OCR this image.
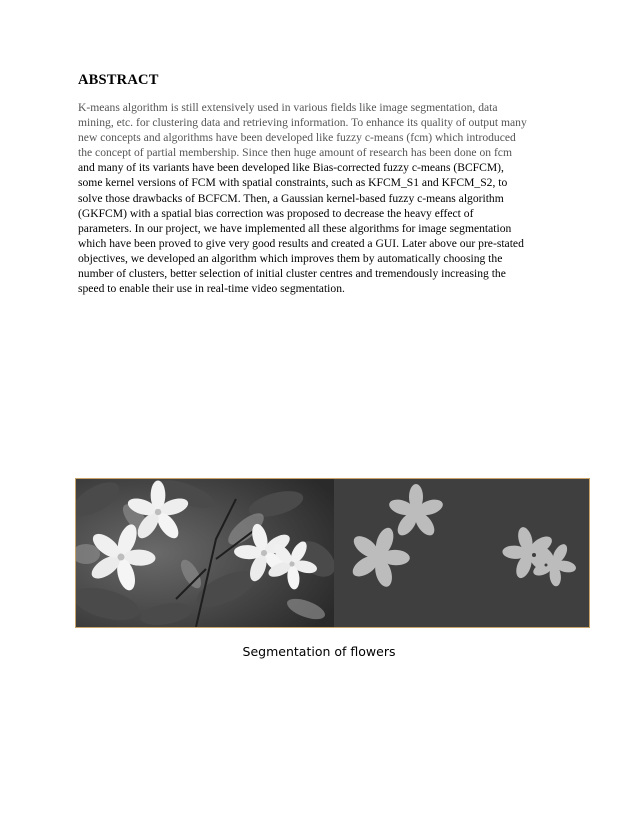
ABSTRACT
K-means algorithm is still extensively used in various fields like image segmentation, data
mining, etc. for clustering data and retrieving information. To enhance its quality of output many
new concepts and algorithms have been developed like fuzzy c-means (fcm) which introduced
the concept of partial membership. Since then huge amount of research has been done on fcm
and many of its variants have been developed like Bias-corrected fuzzy c-means (BCFCM),
some kernel versions of FCM with spatial constraints, such as KFCM_S1 and KFCM_S2, to
solve those drawbacks of BCFCM. Then, a Gaussian kernel-based fuzzy c-means algorithm
(GKFCM) with a spatial bias correction was proposed to decrease the heavy effect of
parameters. In our project, we have implemented all these algorithms for image segmentation
which have been proved to give very good results and created a GUI. Later above our pre-stated
objectives, we developed an algorithm which improves them by automatically choosing the
number of clusters, better selection of initial cluster centres and tremendously increasing the
speed to enable their use in real-time video segmentation.
Segmentation of flowers
